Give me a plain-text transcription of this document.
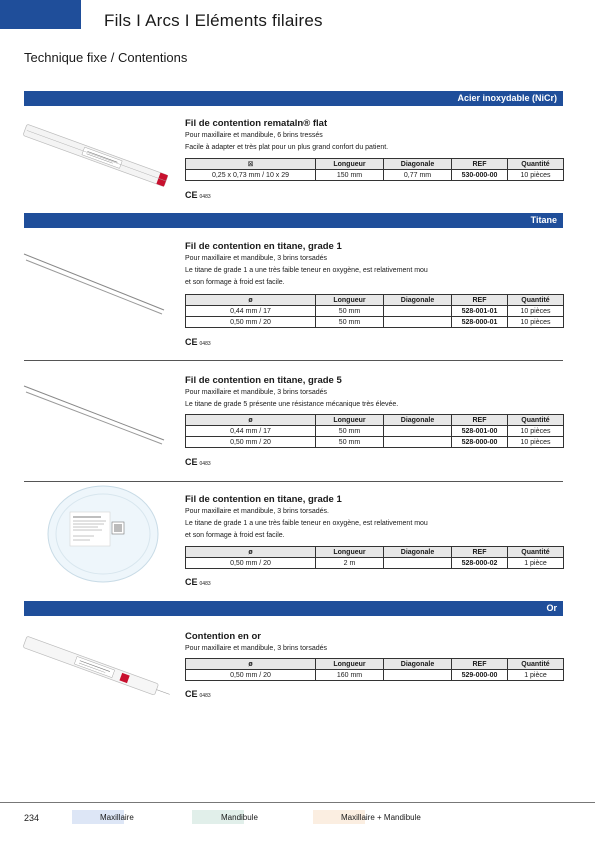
Fils I Arcs I Eléments filaires
Technique fixe / Contentions
Acier inoxydable (NiCr)
Fil de contention remataln® flat
Pour maxillaire et mandibule, 6 brins tressés
Facile à adapter et très plat pour un plus grand confort du patient.
⊠	Longueur	Diagonale	REF	Quantité
0,25 x 0,73 mm / 10 x 29	150 mm	0,77 mm	530-000-00	10 pièces
CE 0483
Titane
Fil de contention en titane, grade 1
Pour maxillaire et mandibule, 3 brins torsadés
Le titane de grade 1 a une très faible teneur en oxygène, est relativement mou
et son formage à froid est facile.
ø	Longueur	Diagonale	REF	Quantité
0,44 mm / 17	50 mm		528-001-01	10 pièces
0,50 mm / 20	50 mm		528-000-01	10 pièces
CE 0483
Fil de contention en titane, grade 5
Pour maxillaire et mandibule, 3 brins torsadés
Le titane de grade 5 présente une résistance mécanique très élevée.
ø	Longueur	Diagonale	REF	Quantité
0,44 mm / 17	50 mm		528-001-00	10 pièces
0,50 mm / 20	50 mm		528-000-00	10 pièces
CE 0483
Fil de contention en titane, grade 1
Pour maxillaire et mandibule, 3 brins torsadés.
Le titane de grade 1 a une très faible teneur en oxygène, est relativement mou
et son formage à froid est facile.
ø	Longueur	Diagonale	REF	Quantité
0,50 mm / 20	2 m		528-000-02	1 pièce
CE 0483
Or
Contention en or
Pour maxillaire et mandibule, 3 brins torsadés
ø	Longueur	Diagonale	REF	Quantité
0,50 mm / 20	160 mm		529-000-00	1 pièce
CE 0483
234	Maxillaire	Mandibule	Maxillaire + Mandibule
